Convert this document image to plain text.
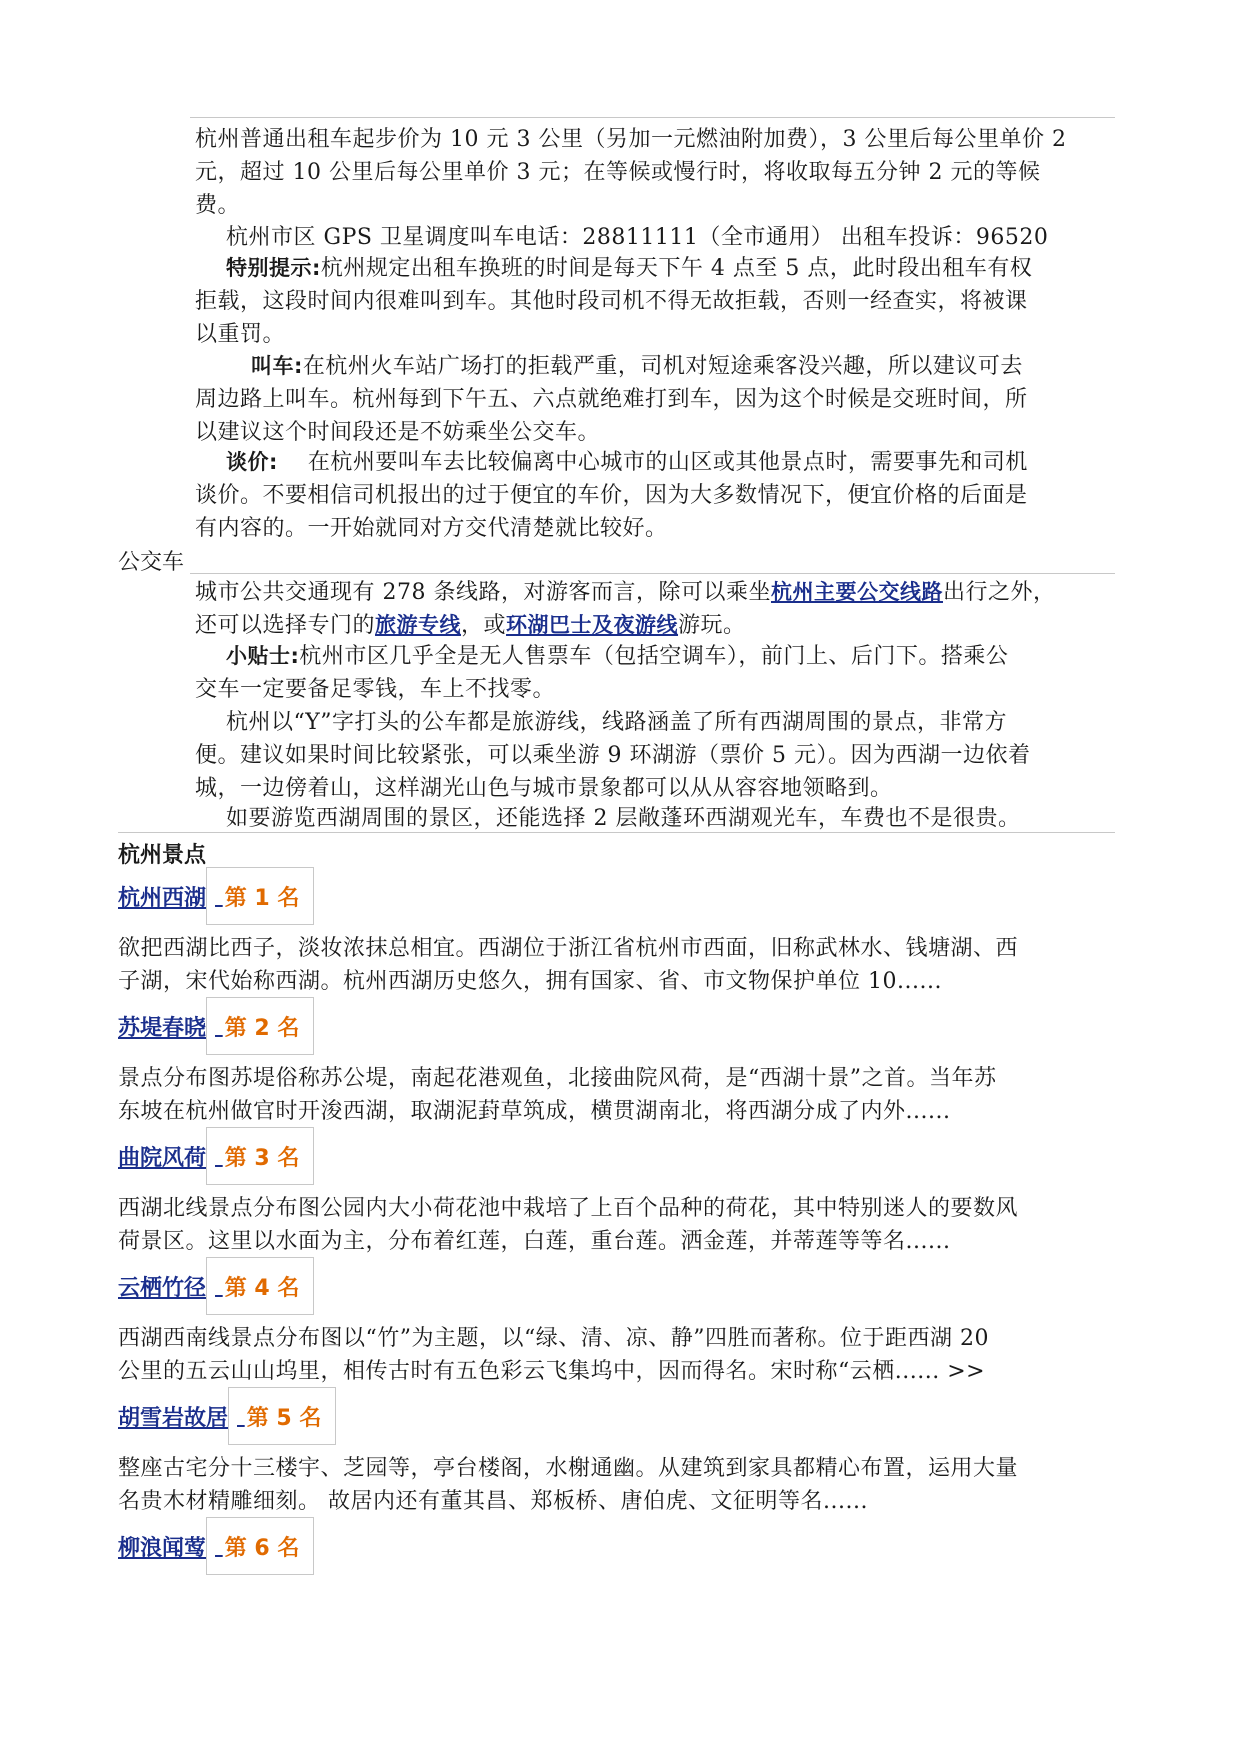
杭州普通出租车起步价为 10 元 3 公里（另加一元燃油附加费），3 公里后每公里单价 2
元，超过 10 公里后每公里单价 3 元；在等候或慢行时，将收取每五分钟 2 元的等候
费。
杭州市区 GPS 卫星调度叫车电话：28811111（全市通用） 出租车投诉：96520
特别提示:杭州规定出租车换班的时间是每天下午 4 点至 5 点，此时段出租车有权
拒载，这段时间内很难叫到车。其他时段司机不得无故拒载，否则一经查实，将被课
以重罚。
叫车:在杭州火车站广场打的拒载严重，司机对短途乘客没兴趣，所以建议可去
周边路上叫车。杭州每到下午五、六点就绝难打到车，因为这个时候是交班时间，所
以建议这个时间段还是不妨乘坐公交车。
谈价: 在杭州要叫车去比较偏离中心城市的山区或其他景点时，需要事先和司机
谈价。不要相信司机报出的过于便宜的车价，因为大多数情况下，便宜价格的后面是
有内容的。一开始就同对方交代清楚就比较好。
公交车
城市公共交通现有 278 条线路，对游客而言，除可以乘坐杭州主要公交线路出行之外，
还可以选择专门的旅游专线，或环湖巴士及夜游线游玩。
小贴士:杭州市区几乎全是无人售票车（包括空调车），前门上、后门下。搭乘公
交车一定要备足零钱，车上不找零。
杭州以“Y”字打头的公车都是旅游线，线路涵盖了所有西湖周围的景点，非常方
便。建议如果时间比较紧张，可以乘坐游 9 环湖游（票价 5 元）。因为西湖一边依着
城，一边傍着山，这样湖光山色与城市景象都可以从从容容地领略到。
如要游览西湖周围的景区，还能选择 2 层敞蓬环西湖观光车，车费也不是很贵。
杭州景点
杭州西湖
第 1 名
欲把西湖比西子，淡妆浓抹总相宜。西湖位于浙江省杭州市西面，旧称武林水、钱塘湖、西
子湖，宋代始称西湖。杭州西湖历史悠久，拥有国家、省、市文物保护单位 10......
苏堤春晓
第 2 名
景点分布图苏堤俗称苏公堤，南起花港观鱼，北接曲院风荷，是“西湖十景”之首。当年苏
东坡在杭州做官时开浚西湖，取湖泥葑草筑成，横贯湖南北，将西湖分成了内外......
曲院风荷
第 3 名
西湖北线景点分布图公园内大小荷花池中栽培了上百个品种的荷花，其中特别迷人的要数风
荷景区。这里以水面为主，分布着红莲，白莲，重台莲。洒金莲，并蒂莲等等名......
云栖竹径
第 4 名
西湖西南线景点分布图以“竹”为主题，以“绿、清、凉、静”四胜而著称。位于距西湖 20
公里的五云山山坞里，相传古时有五色彩云飞集坞中，因而得名。宋时称“云栖...... >>
胡雪岩故居
第 5 名
整座古宅分十三楼宇、芝园等，亭台楼阁，水榭通幽。从建筑到家具都精心布置，运用大量
名贵木材精雕细刻。 故居内还有董其昌、郑板桥、唐伯虎、文征明等名......
柳浪闻莺
第 6 名
